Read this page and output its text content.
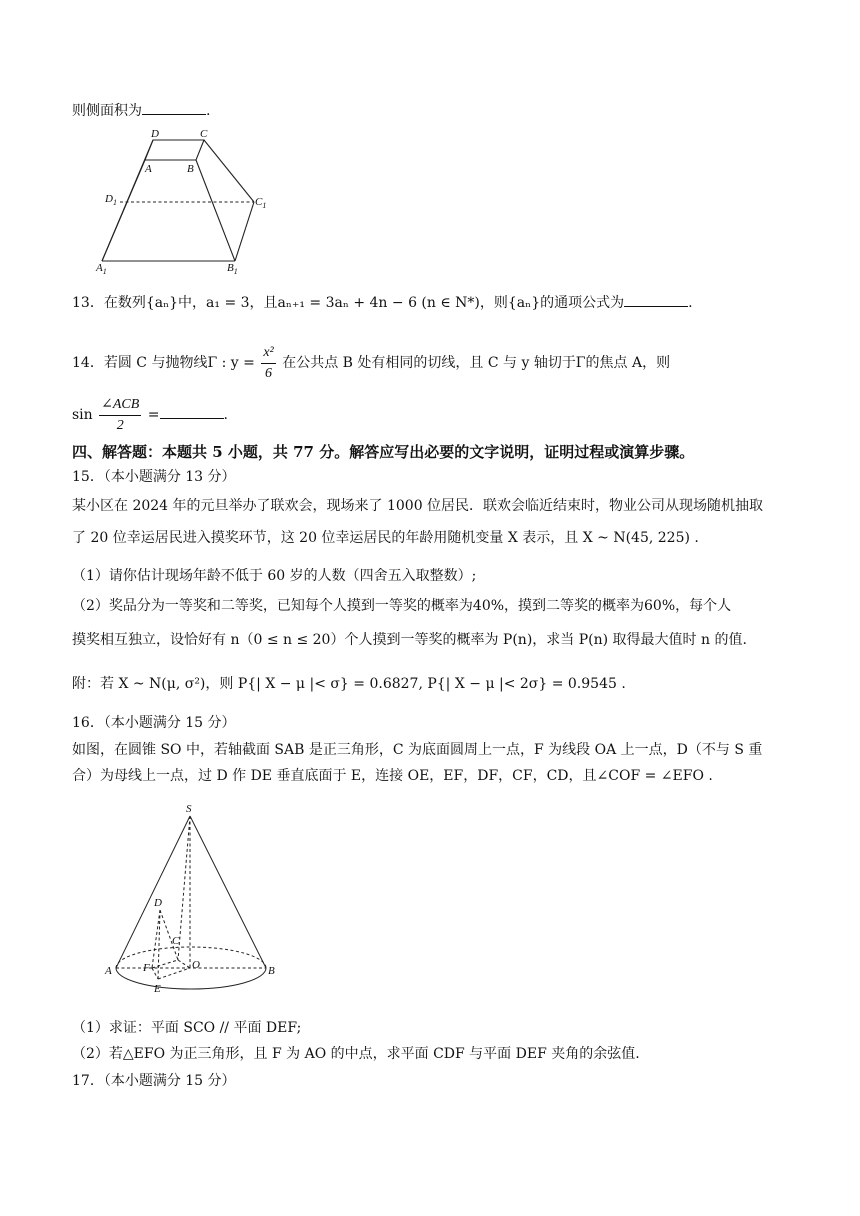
则侧面积为	.
D	C
A	B
$D_1$	$C_1$
$A_1$	$B_1$
13．在数列{aₙ}中，a₁ = 3，且aₙ₊₁ = 3aₙ + 4n − 6 (n ∈ N*)，则{aₙ}的通项公式为	.
14．若圆 C 与抛物线Γ : $y = \frac{\text{x²}}{6}$ 在公共点 B 处有相同的切线，且 C 与 y 轴切于Γ的焦点 A，则
$\sin \frac{\text{∠ACB}}{2}$ =	.
四、解答题：本题共 5 小题，共 77 分。解答应写出必要的文字说明，证明过程或演算步骤。
15．（本小题满分 13 分）
某小区在 2024 年的元旦举办了联欢会，现场来了 1000 位居民．联欢会临近结束时，物业公司从现场随机抽取
了 20 位幸运居民进入摸奖环节，这 20 位幸运居民的年龄用随机变量 X 表示，且 X ~ N(45, 225) .
（1）请你估计现场年龄不低于 60 岁的人数（四舍五入取整数）;
（2）奖品分为一等奖和二等奖，已知每个人摸到一等奖的概率为40%，摸到二等奖的概率为60%，每个人
摸奖相互独立，设恰好有 n（0 ≤ n ≤ 20）个人摸到一等奖的概率为 P(n)，求当 P(n) 取得最大值时 n 的值.
附：若 X ~ N(μ, σ²)，则 P{| X − μ |< σ} = 0.6827, P{| X − μ |< 2σ} = 0.9545 .
16．（本小题满分 15 分）
如图，在圆锥 SO 中，若轴截面 SAB 是正三角形，C 为底面圆周上一点，F 为线段 OA 上一点，D（不与 S 重
合）为母线上一点，过 D 作 DE 垂直底面于 E，连接 OE，EF，DF，CF，CD，且∠COF = ∠EFO .
S
D
C
A	F	O	B
E
（1）求证：平面 SCO // 平面 DEF;
（2）若△EFO 为正三角形，且 F 为 AO 的中点，求平面 CDF 与平面 DEF 夹角的余弦值.
17．（本小题满分 15 分）
